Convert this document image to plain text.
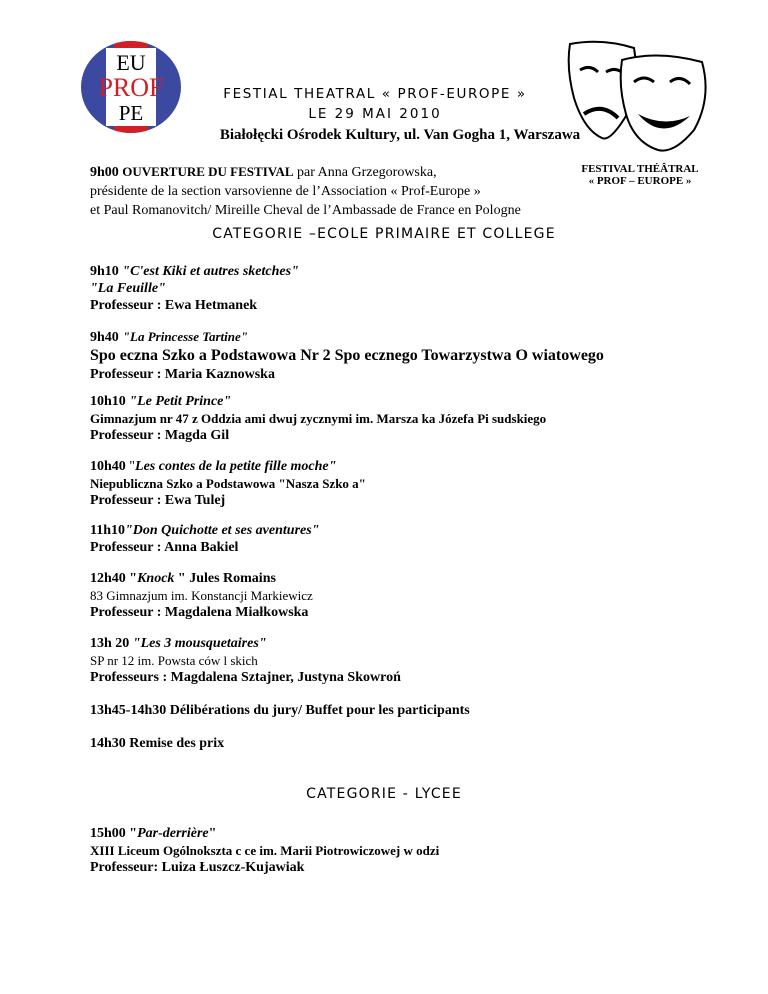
EU
PROF
PE
FESTIAL THEATRAL « PROF-EUROPE »
LE 29 MAI 2010
Białołęcki Ośrodek Kultury, ul. Van Gogha 1, Warszawa
FESTIVAL THÉÂTRAL
« PROF – EUROPE »
9h00 OUVERTURE DU FESTIVAL par Anna Grzegorowska,
présidente de la section varsovienne de l’Association « Prof-Europe »
et Paul Romanovitch/ Mireille Cheval de l’Ambassade de France en Pologne
CATEGORIE –ECOLE PRIMAIRE ET COLLEGE
9h10 "C'est Kiki et autres sketches"
"La Feuille"
Professeur : Ewa Hetmanek
9h40 "La Princesse Tartine"
Spo eczna Szko a Podstawowa Nr 2 Spo ecznego Towarzystwa O wiatowego
Professeur : Maria Kaznowska
10h10 "Le Petit Prince"
Gimnazjum nr 47 z Oddzia ami dwuj zycznymi im. Marsza ka Józefa Pi sudskiego
Professeur : Magda Gil
10h40 "Les contes de la petite fille moche"
Niepubliczna Szko a Podstawowa "Nasza Szko a"
Professeur : Ewa Tulej
11h10"Don Quichotte et ses aventures"
Professeur : Anna Bakiel
12h40 "Knock " Jules Romains
83 Gimnazjum im. Konstancji Markiewicz
Professeur : Magdalena Miałkowska
13h 20 "Les 3 mousquetaires"
SP nr 12 im. Powsta ców l skich
Professeurs : Magdalena Sztajner, Justyna Skowroń
13h45-14h30 Délibérations du jury/ Buffet pour les participants
14h30 Remise des prix
CATEGORIE - LYCEE
15h00 "Par-derrière"
XIII Liceum Ogólnokszta c ce im. Marii Piotrowiczowej w odzi
Professeur: Luiza Łuszcz-Kujawiak
